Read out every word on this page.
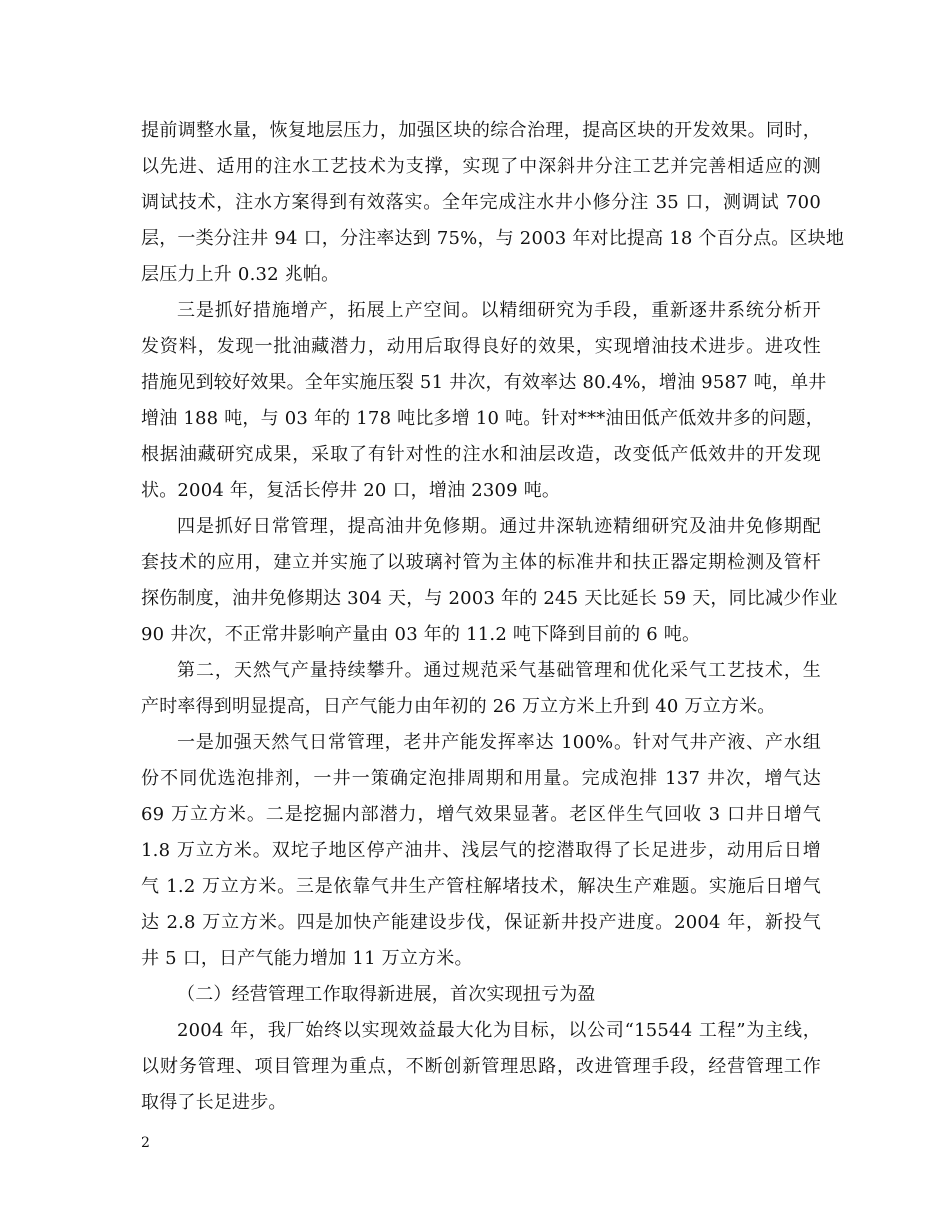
提前调整水量，恢复地层压力，加强区块的综合治理，提高区块的开发效果。同时，
以先进、适用的注水工艺技术为支撑，实现了中深斜井分注工艺并完善相适应的测
调试技术，注水方案得到有效落实。全年完成注水井小修分注 35 口，测调试 700
层，一类分注井 94 口，分注率达到 75%，与 2003 年对比提高 18 个百分点。区块地
层压力上升 0.32 兆帕。
三是抓好措施增产，拓展上产空间。以精细研究为手段，重新逐井系统分析开
发资料，发现一批油藏潜力，动用后取得良好的效果，实现增油技术进步。进攻性
措施见到较好效果。全年实施压裂 51 井次，有效率达 80.4%，增油 9587 吨，单井
增油 188 吨，与 03 年的 178 吨比多增 10 吨。针对***油田低产低效井多的问题，
根据油藏研究成果，采取了有针对性的注水和油层改造，改变低产低效井的开发现
状。2004 年，复活长停井 20 口，增油 2309 吨。
四是抓好日常管理，提高油井免修期。通过井深轨迹精细研究及油井免修期配
套技术的应用，建立并实施了以玻璃衬管为主体的标准井和扶正器定期检测及管杆
探伤制度，油井免修期达 304 天，与 2003 年的 245 天比延长 59 天，同比减少作业
90 井次，不正常井影响产量由 03 年的 11.2 吨下降到目前的 6 吨。
第二，天然气产量持续攀升。通过规范采气基础管理和优化采气工艺技术，生
产时率得到明显提高，日产气能力由年初的 26 万立方米上升到 40 万立方米。
一是加强天然气日常管理，老井产能发挥率达 100%。针对气井产液、产水组
份不同优选泡排剂，一井一策确定泡排周期和用量。完成泡排 137 井次，增气达
69 万立方米。二是挖掘内部潜力，增气效果显著。老区伴生气回收 3 口井日增气
1.8 万立方米。双坨子地区停产油井、浅层气的挖潜取得了长足进步，动用后日增
气 1.2 万立方米。三是依靠气井生产管柱解堵技术，解决生产难题。实施后日增气
达 2.8 万立方米。四是加快产能建设步伐，保证新井投产进度。2004 年，新投气
井 5 口，日产气能力增加 11 万立方米。
（二）经营管理工作取得新进展，首次实现扭亏为盈
2004 年，我厂始终以实现效益最大化为目标，以公司“15544 工程”为主线，
以财务管理、项目管理为重点，不断创新管理思路，改进管理手段，经营管理工作
取得了长足进步。
2
